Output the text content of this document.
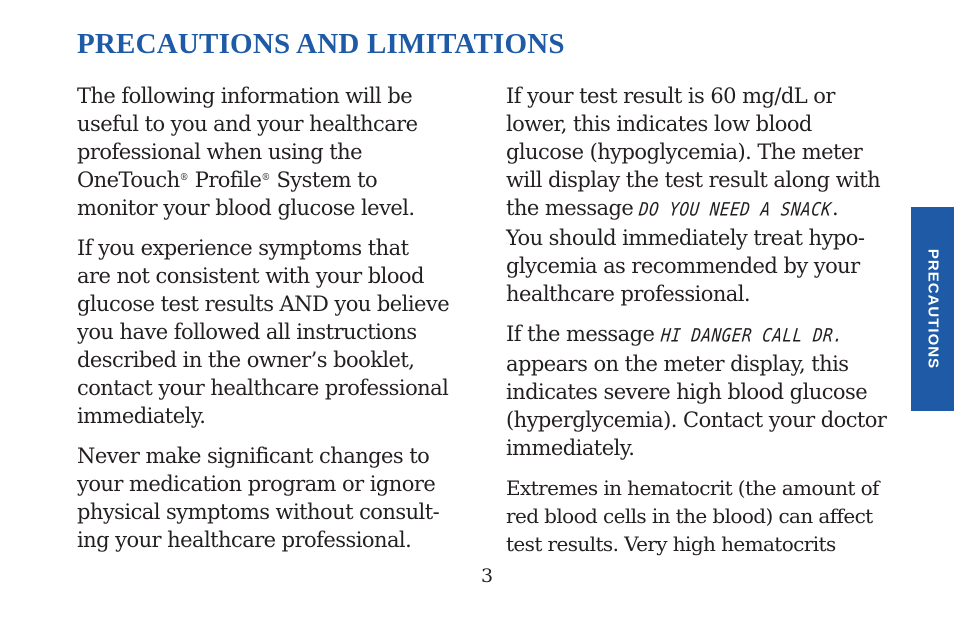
PRECAUTIONS AND LIMITATIONS

The following information will be
useful to you and your healthcare
professional when using the
OneTouch® Profile® System to
monitor your blood glucose level.

If you experience symptoms that
are not consistent with your blood
glucose test results AND you believe
you have followed all instructions
described in the owner’s booklet,
contact your healthcare professional
immediately.

Never make significant changes to
your medication program or ignore
physical symptoms without consult-
ing your healthcare professional.

If your test result is 60 mg/dL or
lower, this indicates low blood
glucose (hypoglycemia). The meter
will display the test result along with
the message DO YOU NEED A SNACK.
You should immediately treat hypo-
glycemia as recommended by your
healthcare professional.

If the message HI DANGER CALL DR.
appears on the meter display, this
indicates severe high blood glucose
(hyperglycemia). Contact your doctor
immediately.

Extremes in hematocrit (the amount of
red blood cells in the blood) can affect
test results. Very high hematocrits

PRECAUTIONS

3
